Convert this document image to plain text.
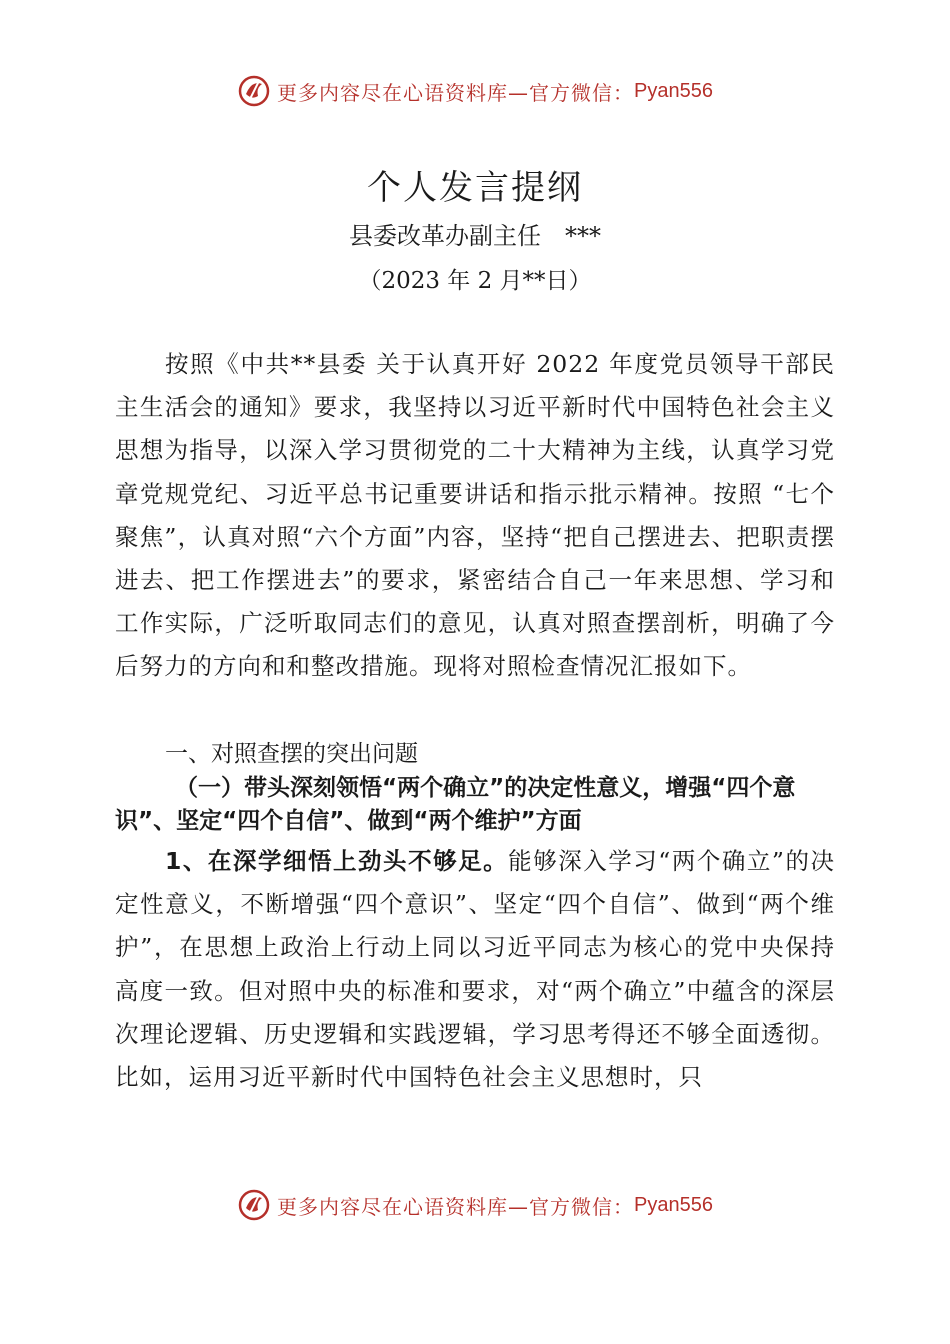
更多内容尽在心语资料库—官方微信： Pyan556
个人发言提纲
县委改革办副主任 ***
（2023 年 2 月**日）
按照《中共**县委 关于认真开好 2022 年度党员领导干部民主生活会的通知》要求，我坚持以习近平新时代中国特色社会主义思想为指导，以深入学习贯彻党的二十大精神为主线，认真学习党章党规党纪、习近平总书记重要讲话和指示批示精神。按照 “七个聚焦”，认真对照“六个方面”内容，坚持“把自己摆进去、把职责摆进去、把工作摆进去”的要求，紧密结合自己一年来思想、学习和工作实际，广泛听取同志们的意见，认真对照查摆剖析，明确了今后努力的方向和和整改措施。现将对照检查情况汇报如下。
一、对照查摆的突出问题
（一）带头深刻领悟“两个确立”的决定性意义，增强“四个意识”、坚定“四个自信”、做到“两个维护”方面
1、在深学细悟上劲头不够足。能够深入学习“两个确立”的决定性意义，不断增强“四个意识”、坚定“四个自信”、做到“两个维护”，在思想上政治上行动上同以习近平同志为核心的党中央保持高度一致。但对照中央的标准和要求，对“两个确立”中蕴含的深层次理论逻辑、历史逻辑和实践逻辑，学习思考得还不够全面透彻。比如，运用习近平新时代中国特色社会主义思想时，只
更多内容尽在心语资料库—官方微信： Pyan556
